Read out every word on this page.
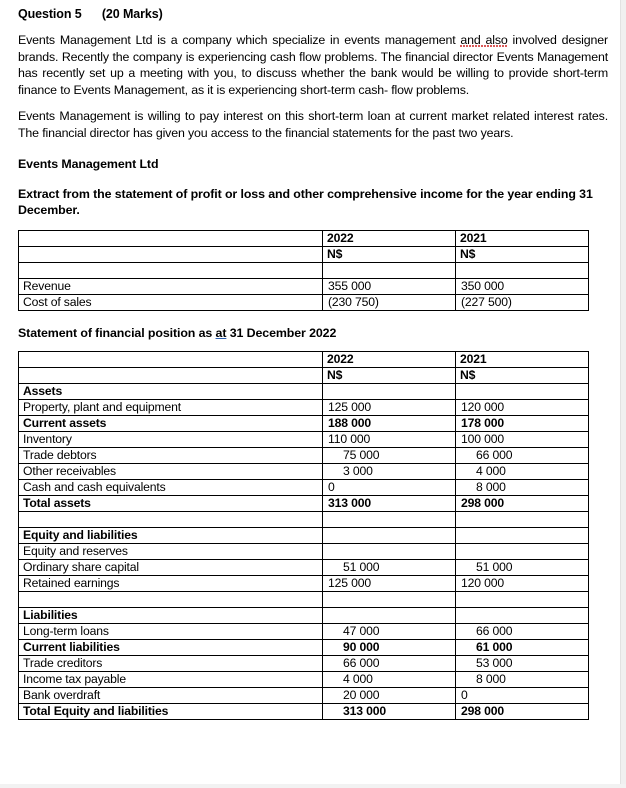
Question 5      (20 Marks)

Events Management Ltd is a company which specialize in events management and also involved designer brands. Recently the company is experiencing cash flow problems. The financial director Events Management has recently set up a meeting with you, to discuss whether the bank would be willing to provide short-term finance to Events Management, as it is experiencing short-term cash- flow problems.

Events Management is willing to pay interest on this short-term loan at current market related interest rates. The financial director has given you access to the financial statements for the past two years.

Events Management Ltd
Extract from the statement of profit or loss and other comprehensive income for the year ending 31 December.
	2022	2021
	N$	N$

Revenue	355 000	350 000
Cost of sales	(230 750)	(227 500)
Statement of financial position as at 31 December 2022
	2022	2021
	N$	N$
Assets		
Property, plant and equipment	125 000	120 000
Current assets	188 000	178 000
Inventory	110 000	100 000
Trade debtors	75 000	66 000
Other receivables	3 000	4 000
Cash and cash equivalents	0	8 000
Total assets	313 000	298 000

Equity and liabilities		
Equity and reserves		
Ordinary share capital	51 000	51 000
Retained earnings	125 000	120 000

Liabilities		
Long-term loans	47 000	66 000
Current liabilities	90 000	61 000
Trade creditors	66 000	53 000
Income tax payable	4 000	8 000
Bank overdraft	20 000	0
Total Equity and liabilities	313 000	298 000
